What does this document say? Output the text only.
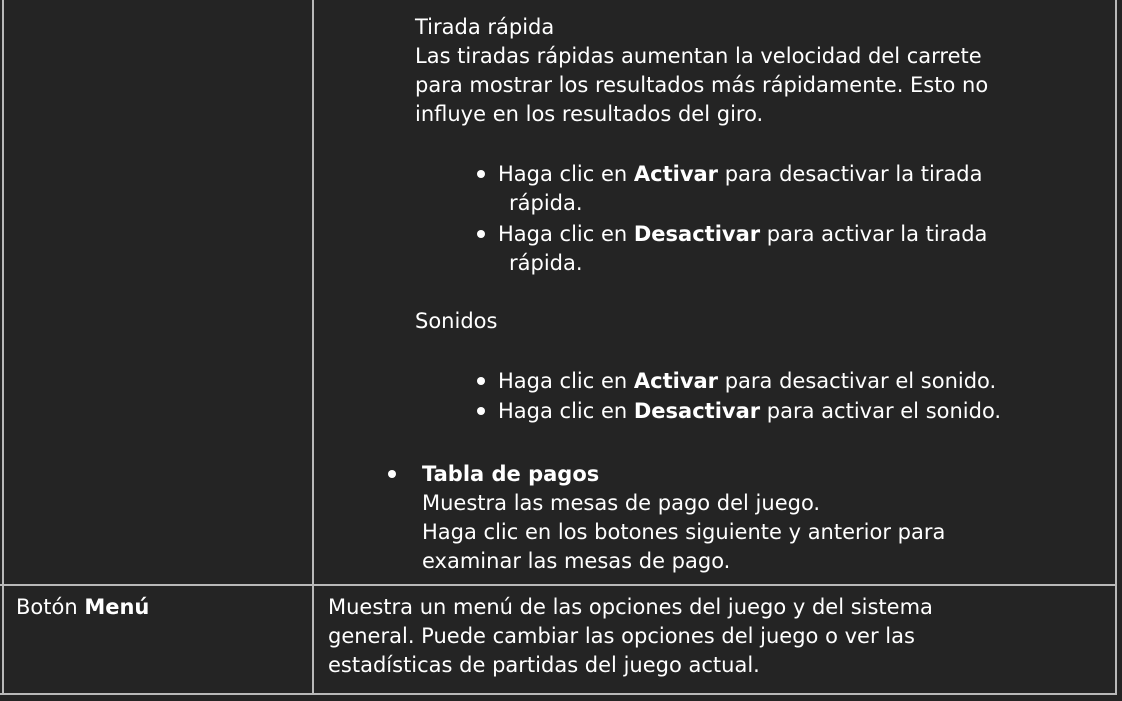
Tirada rápida
Las tiradas rápidas aumentan la velocidad del carrete
para mostrar los resultados más rápidamente. Esto no
influye en los resultados del giro.
Haga clic en Activar para desactivar la tirada
rápida.
Haga clic en Desactivar para activar la tirada
rápida.
Sonidos
Haga clic en Activar para desactivar el sonido.
Haga clic en Desactivar para activar el sonido.
Tabla de pagos
Muestra las mesas de pago del juego.
Haga clic en los botones siguiente y anterior para
examinar las mesas de pago.
Botón Menú	Muestra un menú de las opciones del juego y del sistema
general. Puede cambiar las opciones del juego o ver las
estadísticas de partidas del juego actual.
